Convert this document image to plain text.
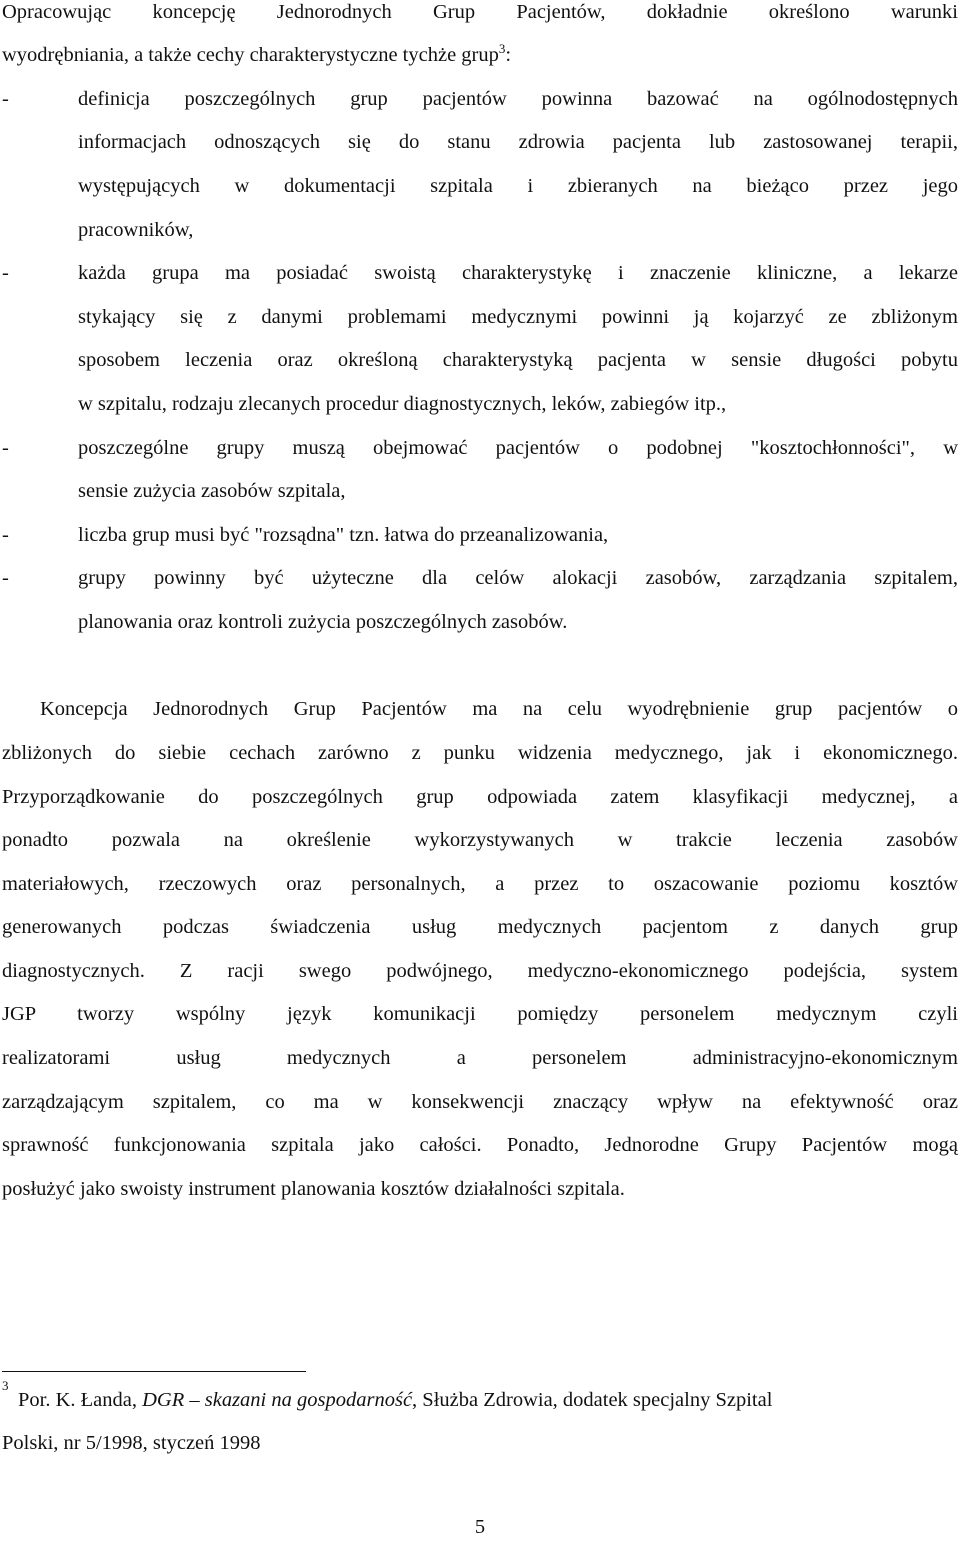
Opracowując koncepcję Jednorodnych Grup Pacjentów, dokładnie określono warunki
wyodrębniania, a także cechy charakterystyczne tychże grup$^3$:
-	definicja poszczególnych grup pacjentów powinna bazować na ogólnodostępnych
informacjach odnoszących się do stanu zdrowia pacjenta lub zastosowanej terapii,
występujących w dokumentacji szpitala i zbieranych na bieżąco przez jego
pracowników,
-	każda grupa ma posiadać swoistą charakterystykę i znaczenie kliniczne, a lekarze
stykający się z danymi problemami medycznymi powinni ją kojarzyć ze zbliżonym
sposobem leczenia oraz określoną charakterystyką pacjenta w sensie długości pobytu
w szpitalu, rodzaju zlecanych procedur diagnostycznych, leków, zabiegów itp.,
-	poszczególne grupy muszą obejmować pacjentów o podobnej "kosztochłonności", w
sensie zużycia zasobów szpitala,
-	liczba grup musi być "rozsądna" tzn. łatwa do przeanalizowania,
-	grupy powinny być użyteczne dla celów alokacji zasobów, zarządzania szpitalem,
planowania oraz kontroli zużycia poszczególnych zasobów.
Koncepcja Jednorodnych Grup Pacjentów ma na celu wyodrębnienie grup pacjentów o
zbliżonych do siebie cechach zarówno z punku widzenia medycznego, jak i ekonomicznego.
Przyporządkowanie do poszczególnych grup odpowiada zatem klasyfikacji medycznej, a
ponadto pozwala na określenie wykorzystywanych w trakcie leczenia zasobów
materiałowych, rzeczowych oraz personalnych, a przez to oszacowanie poziomu kosztów
generowanych podczas świadczenia usług medycznych pacjentom z danych grup
diagnostycznych. Z racji swego podwójnego, medyczno-ekonomicznego podejścia, system
JGP tworzy wspólny język komunikacji pomiędzy personelem medycznym czyli
realizatorami usług medycznych a personelem administracyjno-ekonomicznym
zarządzającym szpitalem, co ma w konsekwencji znaczący wpływ na efektywność oraz
sprawność funkcjonowania szpitala jako całości. Ponadto, Jednorodne Grupy Pacjentów mogą
posłużyć jako swoisty instrument planowania kosztów działalności szpitala.
$^3$
Por. K. Łanda, DGR – skazani na gospodarność, Służba Zdrowia, dodatek specjalny Szpital
Polski, nr 5/1998, styczeń 1998
5
